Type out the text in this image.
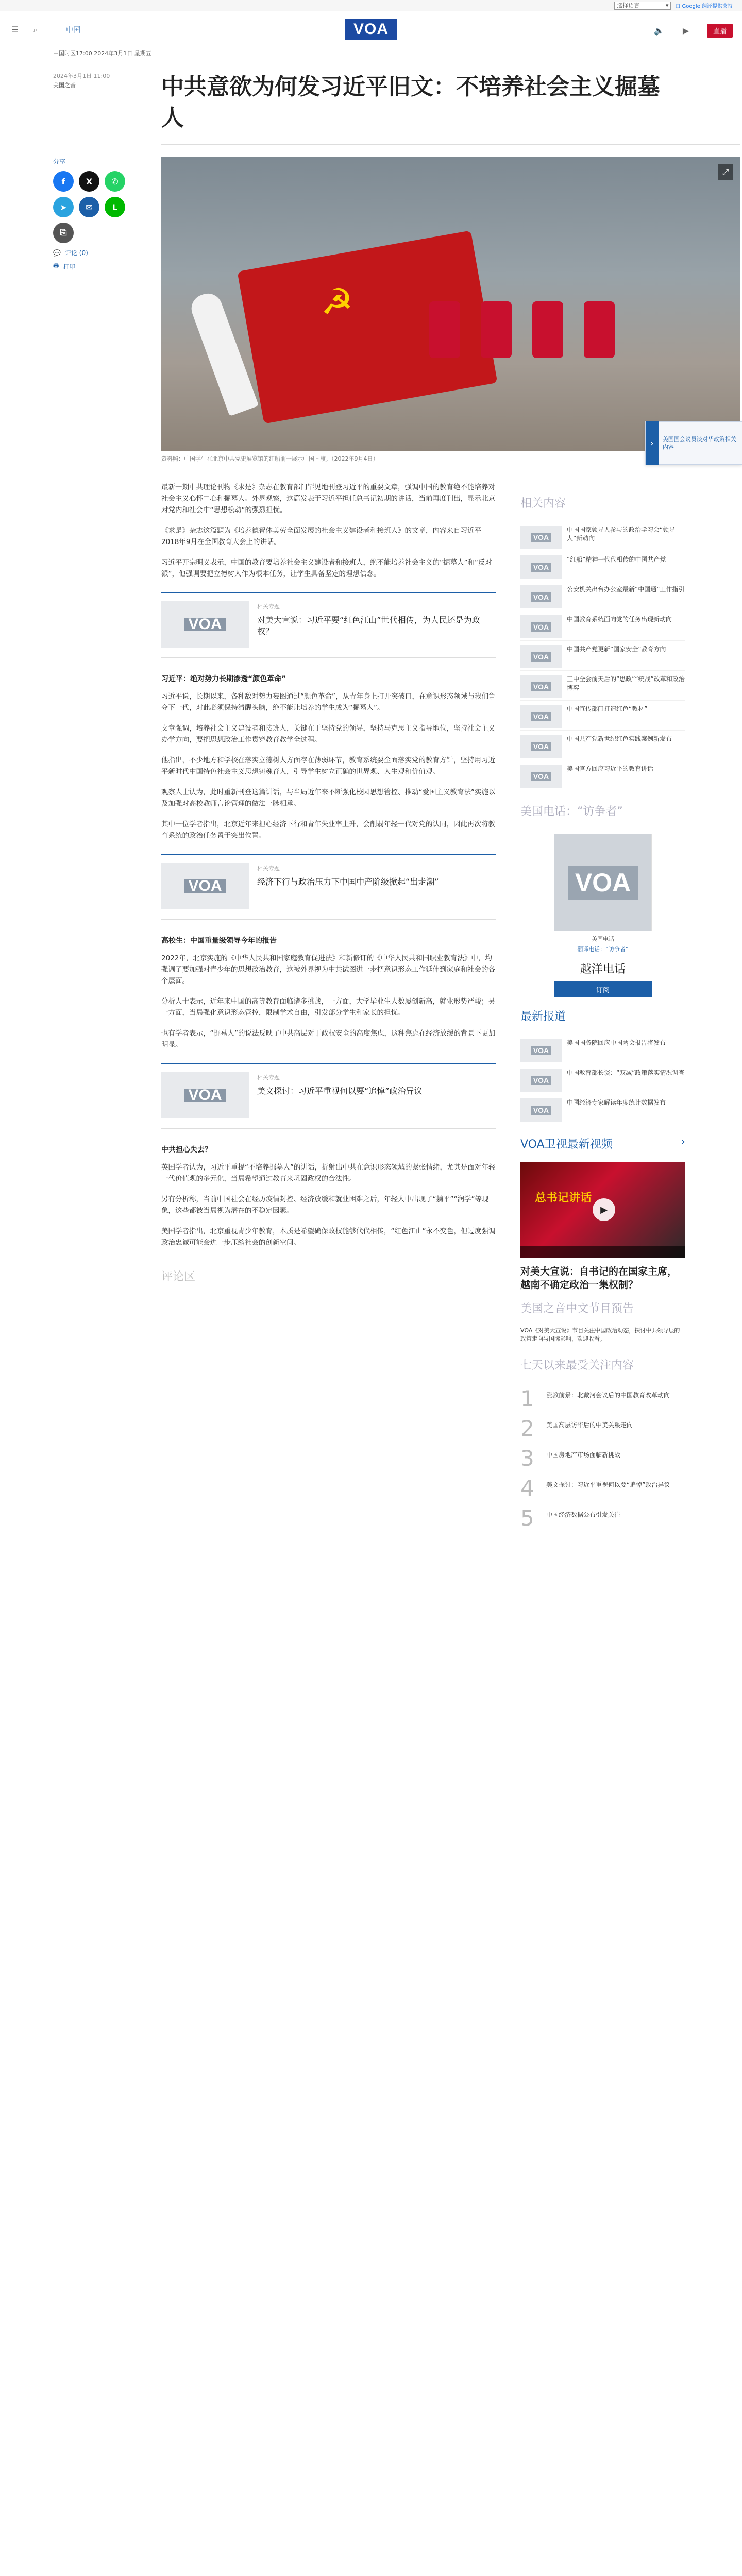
选择语言	▾ 由 Google 翻译提供支持
☰	⌕	中国	VOA	🔈	▶	直播
中国时区17:00 2024年3月1日 星期五
2024年3月1日 11:00
美国之音	中共意欲为何发习近平旧文：不培养社会主义掘墓人
分享
f	X	✆
➤	✉	L
⎘
💬 评论 (0)
🖶 打印
☭
⤢
资料照：中国学生在北京中共党史展览馆的红船前一展示中国国旗。（2022年9月4日）

最新一期中共理论刊物《求是》杂志在教育部门罕见地刊登习近平的重要文章，强调中国的教育绝不能培养对社会主义心怀二心和掘墓人。外界观察，这篇发表于习近平担任总书记初期的讲话，当前再度刊出，显示北京对党内和社会中“思想松动”的强烈担忧。

《求是》杂志这篇题为《培养德智体美劳全面发展的社会主义建设者和接班人》的文章，内容来自习近平2018年9月在全国教育大会上的讲话。

习近平开宗明义表示，中国的教育要培养社会主义建设者和接班人，绝不能培养社会主义的“掘墓人”和“反对派”，他强调要把立德树人作为根本任务，让学生具备坚定的理想信念。

VOA
相关专题
对美大宣说：习近平要“红色江山”世代相传，为人民还是为政权？
习近平：绝对势力长期渗透“颜色革命”

习近平说，长期以来，各种敌对势力妄图通过“颜色革命”，从青年身上打开突破口，在意识形态领域与我们争夺下一代，对此必须保持清醒头脑，绝不能让培养的学生成为“掘墓人”。

文章强调，培养社会主义建设者和接班人，关键在于坚持党的领导，坚持马克思主义指导地位，坚持社会主义办学方向，要把思想政治工作贯穿教育教学全过程。

他指出，不少地方和学校在落实立德树人方面存在薄弱环节，教育系统要全面落实党的教育方针，坚持用习近平新时代中国特色社会主义思想铸魂育人，引导学生树立正确的世界观、人生观和价值观。

观察人士认为，此时重新刊登这篇讲话，与当局近年来不断强化校园思想管控、推动“爱国主义教育法”实施以及加强对高校教师言论管理的做法一脉相承。

其中一位学者指出，北京近年来担心经济下行和青年失业率上升，会削弱年轻一代对党的认同，因此再次将教育系统的政治任务置于突出位置。

VOA
相关专题
经济下行与政治压力下中国中产阶级掀起“出走潮”
高校生：中国重量级领导今年的报告

2022年，北京实施的《中华人民共和国家庭教育促进法》和新修订的《中华人民共和国职业教育法》中，均强调了要加强对青少年的思想政治教育，这被外界视为中共试图进一步把意识形态工作延伸到家庭和社会的各个层面。

分析人士表示，近年来中国的高等教育面临诸多挑战，一方面，大学毕业生人数屡创新高，就业形势严峻；另一方面，当局强化意识形态管控，限制学术自由，引发部分学生和家长的担忧。

也有学者表示，“掘墓人”的说法反映了中共高层对于政权安全的高度焦虑，这种焦虑在经济放缓的背景下更加明显。

VOA
相关专题
美文探讨：习近平重视何以要“追悼”政治异议
中共担心失去？

英国学者认为，习近平重提“不培养掘墓人”的讲话，折射出中共在意识形态领域的紧张情绪，尤其是面对年轻一代价值观的多元化，当局希望通过教育来巩固政权的合法性。

另有分析称，当前中国社会在经历疫情封控、经济放缓和就业困难之后，年轻人中出现了“躺平”“润学”等现象，这些都被当局视为潜在的不稳定因素。

美国学者指出，北京重视青少年教育，本质是希望确保政权能够代代相传，“红色江山”永不变色，但过度强调政治忠诚可能会进一步压缩社会的创新空间。

评论区
相关内容
VOA
中国国家领导人参与的政治学习会“领导人”新动向
VOA
“红船”精神一代代相传的中国共产党
VOA
公安机关出台办公室最新“中国通”工作指引
VOA
中国教育系统面向党的任务出现新动向
VOA
中国共产党更新“国家安全”教育方向
VOA
三中全会前天后的“思政”“统战”改革和政治博弈
VOA
中国宣传部门打造红色“教材”
VOA
中国共产党新世纪红色实践案例新发布
VOA
美国官方回应习近平的教育讲话
美国电话：“访争者”
VOA
美国电话
翻译电话：“访争者”
越洋电话
订阅
最新报道
VOA
美国国务院回应中国两会报告将发布
VOA
中国教育部长谈：“双减”政策落实情况调查
VOA
中国经济专家解读年度统计数据发布
VOA卫视最新视频	›
总书记讲话
▶
对美大宣说：自书记的在国家主席，越南不确定政治一集权制？
美国之音中文节目预告
VOA《对美大宣说》节目关注中国政治动态，探讨中共领导层的政策走向与国际影响，欢迎收看。
七天以来最受关注内容
1	涨教前景：北戴河会议后的中国教育改革动向
2	美国高层访华后的中美关系走向
3	中国房地产市场面临新挑战
4	美文探讨：习近平重视何以要“追悼”政治异议
5	中国经济数据公布引发关注
›	美国国会议员谈对华政策相关内容
